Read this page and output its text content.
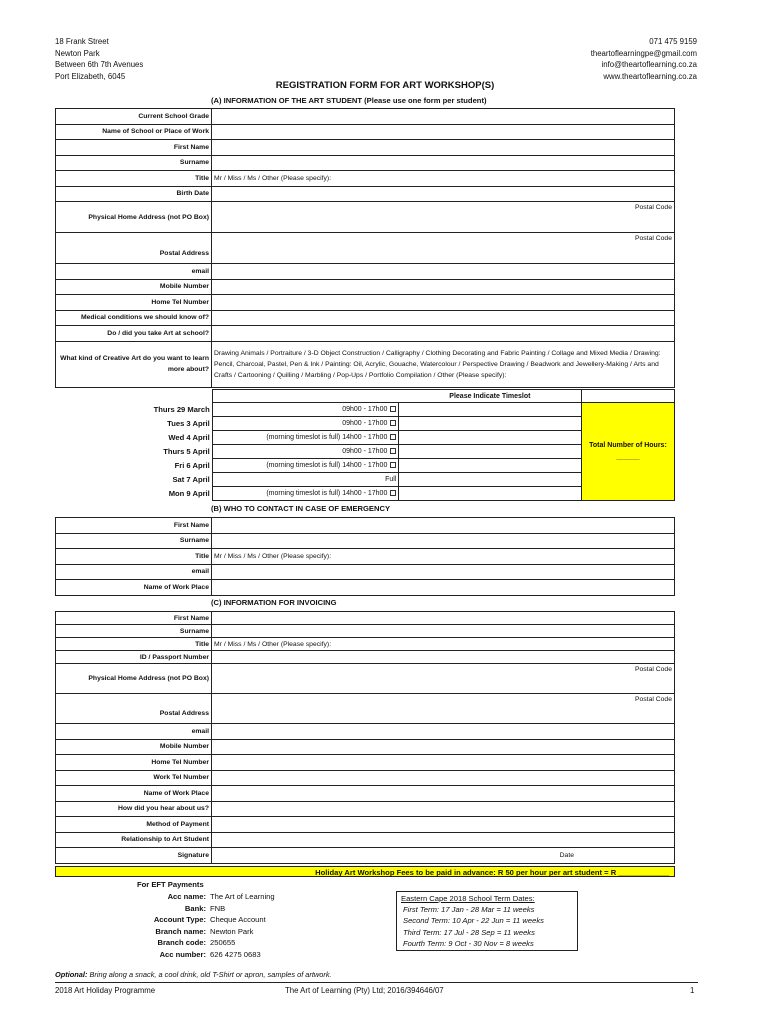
18 Frank Street
Newton Park
Between 6th 7th Avenues
Port Elizabeth, 6045
071 475 9159
theartoflearningpe@gmail.com
info@theartoflearning.co.za
www.theartoflearning.co.za
REGISTRATION FORM FOR ART WORKSHOP(S)
(A) INFORMATION OF THE ART STUDENT (Please use one form per student)
Current School Grade	
Name of School or Place of Work	
First Name	
Surname	
Title	Mr / Miss / Ms / Other (Please specify):
Birth Date	
Physical Home Address (not PO Box)	Postal Code
Postal Address	Postal Code
email	
Mobile Number	
Home Tel Number	
Medical conditions we should know of?	
Do / did you take Art at school?	
What kind of Creative Art do you want to learn more about?	Drawing Animals / Portraiture / 3-D Object Construction / Calligraphy / Clothing Decorating and Fabric Painting / Collage and Mixed Media / Drawing: Pencil, Charcoal, Pastel, Pen & Ink / Painting: Oil, Acrylic, Gouache, Watercolour / Perspective Drawing / Beadwork and Jewellery-Making / Arts and Crafts / Cartooning / Quilling / Marbling / Pop-Ups / Portfolio Compilation / Other (Please specify):
		Please Indicate Timeslot	
Thurs 29 March	09h00 - 17h00		Total Number of Hours:
______

Tues 3 April	09h00 - 17h00		
Wed 4 April	(morning timeslot is full) 14h00 - 17h00		
Thurs 5 April	09h00 - 17h00		
Fri 6 April	(morning timeslot is full) 14h00 - 17h00		
Sat 7 April	Full		
Mon 9 April	(morning timeslot is full) 14h00 - 17h00		
(B) WHO TO CONTACT IN CASE OF EMERGENCY
First Name	
Surname	
Title	Mr / Miss / Ms / Other (Please specify):
email	
Name of Work Place	
(C) INFORMATION FOR INVOICING
First Name	
Surname	
Title	Mr / Miss / Ms / Other (Please specify):
ID / Passport Number	
Physical Home Address (not PO Box)	Postal Code
Postal Address	Postal Code
email	
Mobile Number	
Home Tel Number	
Work Tel Number	
Name of Work Place	
How did you hear about us?	
Method of Payment	
Relationship to Art Student	
Signature	Date
Holiday Art Workshop Fees to be paid in advance: R 50 per hour per art student = R ____________
For EFT Payments
Acc name:	The Art of Learning
Bank:	FNB
Account Type:	Cheque Account
Branch name:	Newton Park
Branch code:	250655
Acc number:	626 4275 0683
Eastern Cape 2018 School Term Dates:
First Term: 17 Jan - 28 Mar = 11 weeks
Second Term: 10 Apr - 22 Jun = 11 weeks
Third Term: 17 Jul - 28 Sep = 11 weeks
Fourth Term: 9 Oct - 30 Nov = 8 weeks
Optional: Bring along a snack, a cool drink, old T-Shirt or apron, samples of artwork.
2018 Art Holiday Programme	The Art of Learning (Pty) Ltd; 2016/394646/07	1
